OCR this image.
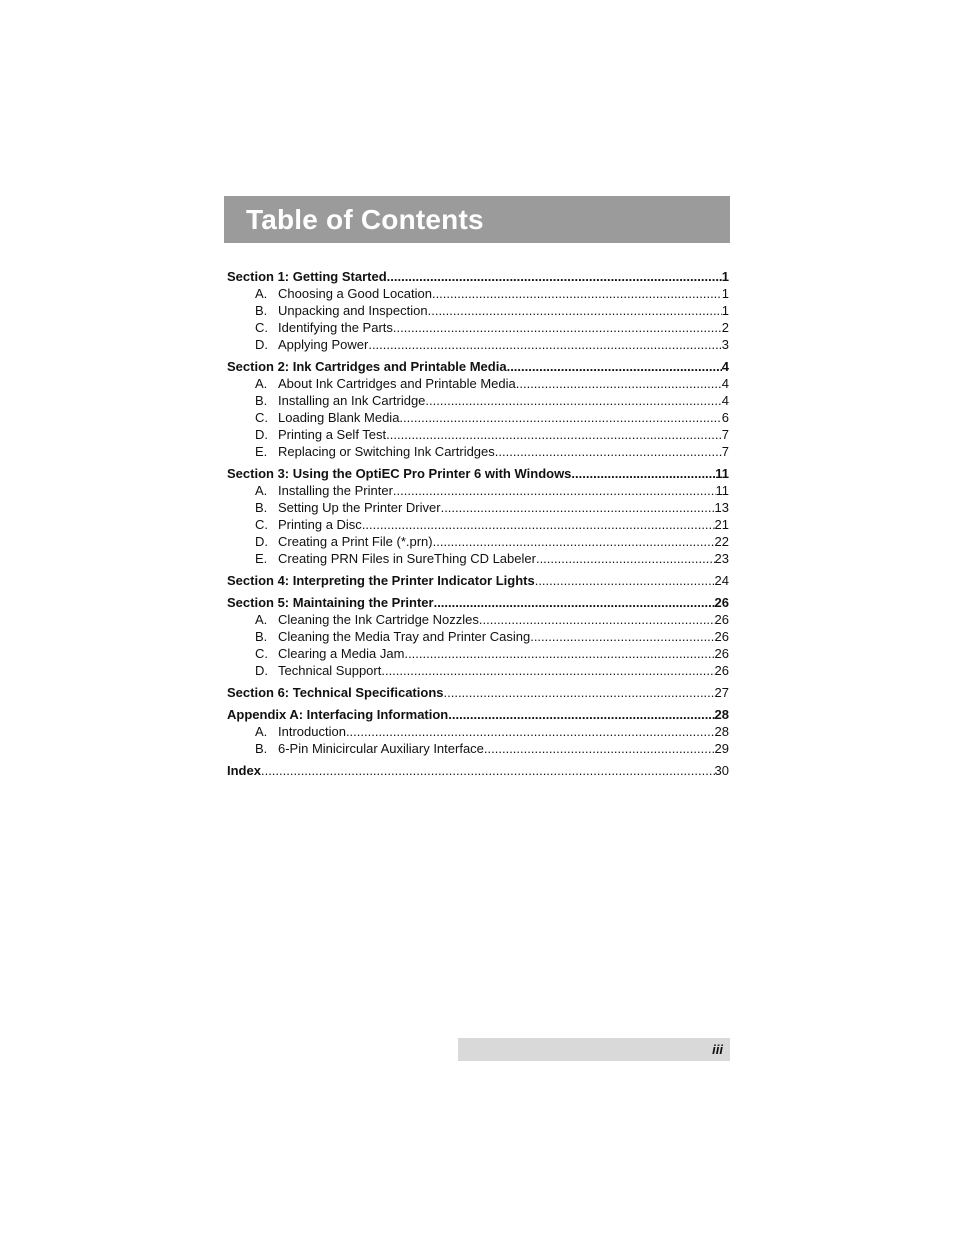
Table of Contents
Section 1: Getting Started .....	1
A. Choosing a Good Location .....	1
B. Unpacking and Inspection .....	1
C. Identifying the Parts .....	2
D. Applying Power .....	3
Section 2: Ink Cartridges and Printable Media .....	4
A. About Ink Cartridges and Printable Media .....	4
B. Installing an Ink Cartridge .....	4
C. Loading Blank Media .....	6
D. Printing a Self Test .....	7
E. Replacing or Switching Ink Cartridges .....	7
Section 3: Using the OptiEC Pro Printer 6 with Windows .....	11
A. Installing the Printer .....	11
B. Setting Up the Printer Driver .....	13
C. Printing a Disc .....	21
D. Creating a Print File (*.prn) .....	22
E. Creating PRN Files in SureThing CD Labeler .....	23
Section 4: Interpreting the Printer Indicator Lights .....	24
Section 5: Maintaining the Printer .....	26
A. Cleaning the Ink Cartridge Nozzles .....	26
B. Cleaning the Media Tray and Printer Casing .....	26
C. Clearing a Media Jam .....	26
D. Technical Support .....	26
Section 6: Technical Specifications .....	27
Appendix A: Interfacing Information .....	28
A. Introduction .....	28
B. 6-Pin Minicircular Auxiliary Interface .....	29
Index .....	30
iii
